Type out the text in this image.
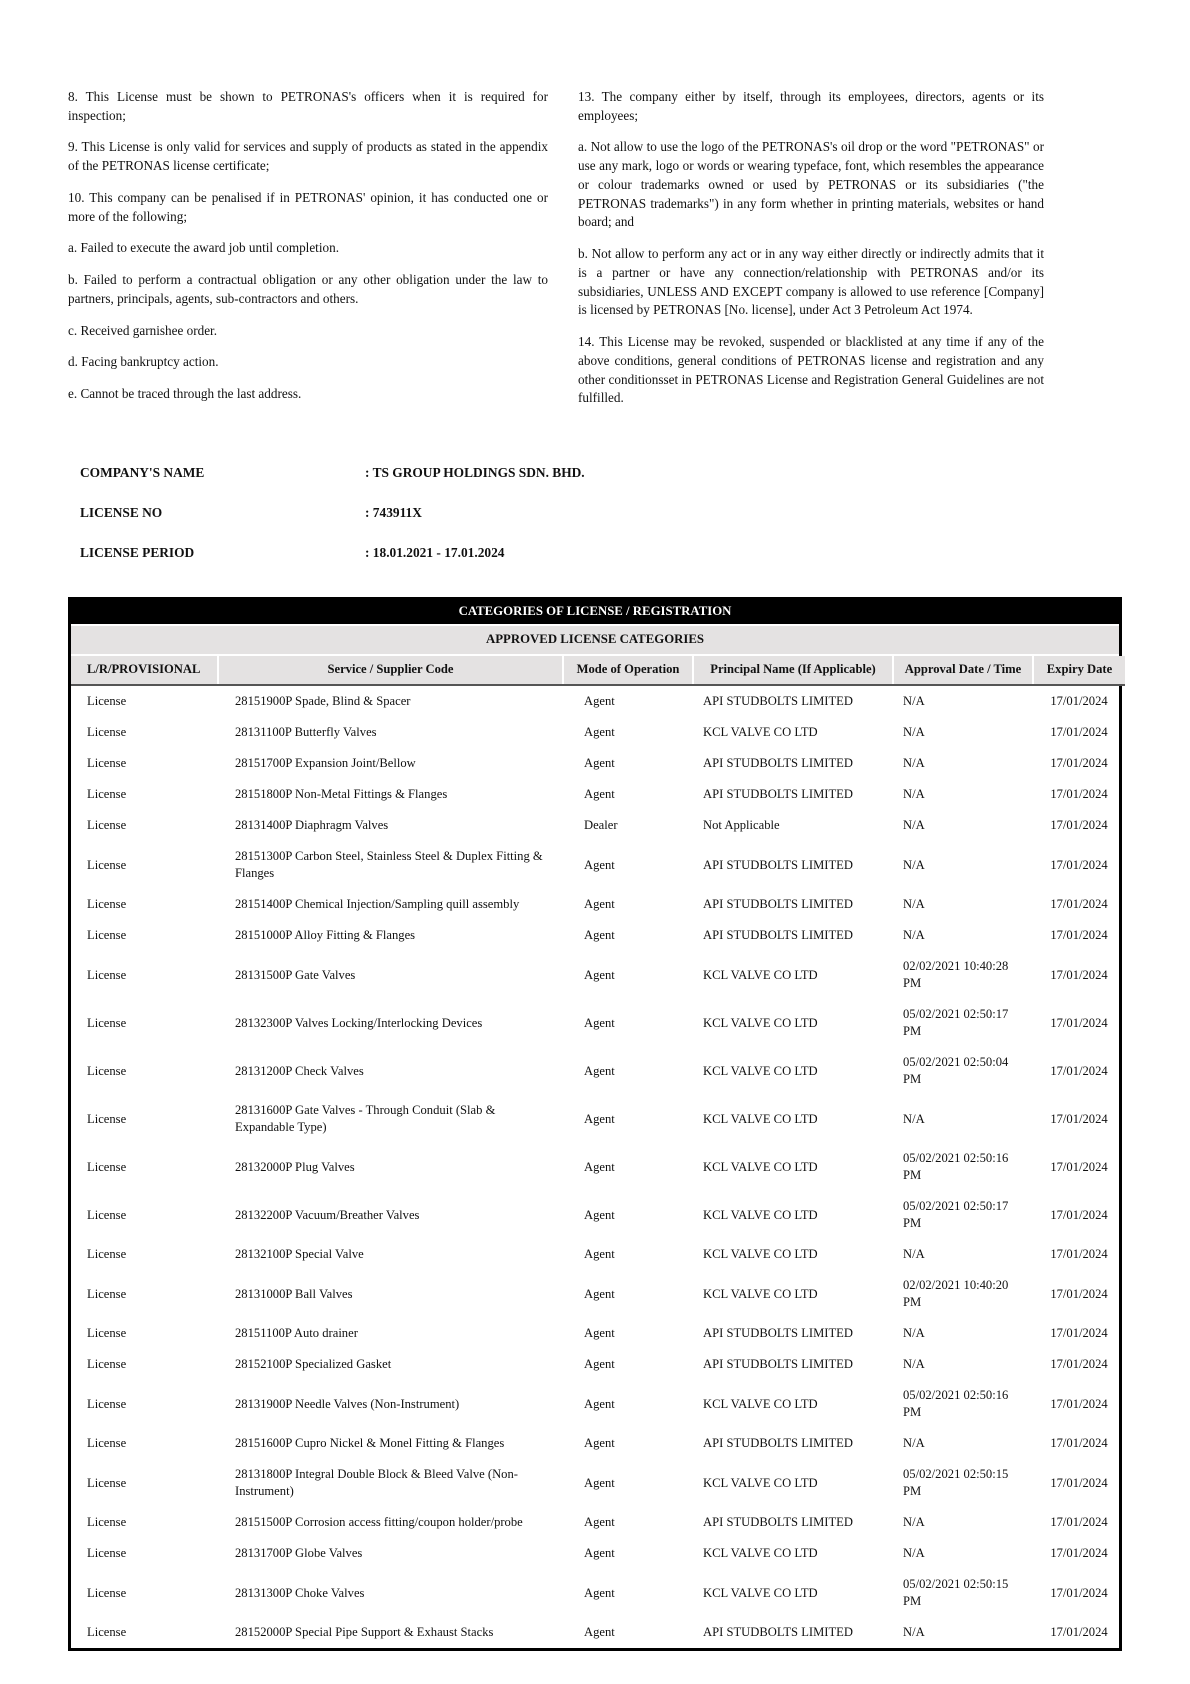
8. This License must be shown to PETRONAS's officers when it is required for inspection;

9. This License is only valid for services and supply of products as stated in the appendix of the PETRONAS license certificate;

10. This company can be penalised if in PETRONAS' opinion, it has conducted one or more of the following;

a. Failed to execute the award job until completion.

b. Failed to perform a contractual obligation or any other obligation under the law to partners, principals, agents, sub-contractors and others.

c. Received garnishee order.

d. Facing bankruptcy action.

e. Cannot be traced through the last address.

13. The company either by itself, through its employees, directors, agents or its employees;

a. Not allow to use the logo of the PETRONAS's oil drop or the word "PETRONAS" or use any mark, logo or words or wearing typeface, font, which resembles the appearance or colour trademarks owned or used by PETRONAS or its subsidiaries ("the PETRONAS trademarks") in any form whether in printing materials, websites or hand board; and

b. Not allow to perform any act or in any way either directly or indirectly admits that it is a partner or have any connection/relationship with PETRONAS and/or its subsidiaries, UNLESS AND EXCEPT company is allowed to use reference [Company] is licensed by PETRONAS [No. license], under Act 3 Petroleum Act 1974.

14. This License may be revoked, suspended or blacklisted at any time if any of the above conditions, general conditions of PETRONAS license and registration and any other conditionsset in PETRONAS License and Registration General Guidelines are not fulfilled.

COMPANY'S NAME	: TS GROUP HOLDINGS SDN. BHD.
LICENSE NO	: 743911X
LICENSE PERIOD	: 18.01.2021 - 17.01.2024
CATEGORIES OF LICENSE / REGISTRATION
APPROVED LICENSE CATEGORIES
L/R/PROVISIONAL	Service / Supplier Code	Mode of Operation	Principal Name (If Applicable)	Approval Date / Time	Expiry Date
License	28151900P Spade, Blind & Spacer	Agent	API STUDBOLTS LIMITED	N/A	17/01/2024
License	28131100P Butterfly Valves	Agent	KCL VALVE CO LTD	N/A	17/01/2024
License	28151700P Expansion Joint/Bellow	Agent	API STUDBOLTS LIMITED	N/A	17/01/2024
License	28151800P Non-Metal Fittings & Flanges	Agent	API STUDBOLTS LIMITED	N/A	17/01/2024
License	28131400P Diaphragm Valves	Dealer	Not Applicable	N/A	17/01/2024
License	28151300P Carbon Steel, Stainless Steel & Duplex Fitting & Flanges	Agent	API STUDBOLTS LIMITED	N/A	17/01/2024
License	28151400P Chemical Injection/Sampling quill assembly	Agent	API STUDBOLTS LIMITED	N/A	17/01/2024
License	28151000P Alloy Fitting & Flanges	Agent	API STUDBOLTS LIMITED	N/A	17/01/2024
License	28131500P Gate Valves	Agent	KCL VALVE CO LTD	02/02/2021 10:40:28 PM	17/01/2024
License	28132300P Valves Locking/Interlocking Devices	Agent	KCL VALVE CO LTD	05/02/2021 02:50:17 PM	17/01/2024
License	28131200P Check Valves	Agent	KCL VALVE CO LTD	05/02/2021 02:50:04 PM	17/01/2024
License	28131600P Gate Valves - Through Conduit (Slab & Expandable Type)	Agent	KCL VALVE CO LTD	N/A	17/01/2024
License	28132000P Plug Valves	Agent	KCL VALVE CO LTD	05/02/2021 02:50:16 PM	17/01/2024
License	28132200P Vacuum/Breather Valves	Agent	KCL VALVE CO LTD	05/02/2021 02:50:17 PM	17/01/2024
License	28132100P Special Valve	Agent	KCL VALVE CO LTD	N/A	17/01/2024
License	28131000P Ball Valves	Agent	KCL VALVE CO LTD	02/02/2021 10:40:20 PM	17/01/2024
License	28151100P Auto drainer	Agent	API STUDBOLTS LIMITED	N/A	17/01/2024
License	28152100P Specialized Gasket	Agent	API STUDBOLTS LIMITED	N/A	17/01/2024
License	28131900P Needle Valves (Non-Instrument)	Agent	KCL VALVE CO LTD	05/02/2021 02:50:16 PM	17/01/2024
License	28151600P Cupro Nickel & Monel Fitting & Flanges	Agent	API STUDBOLTS LIMITED	N/A	17/01/2024
License	28131800P Integral Double Block & Bleed Valve (Non-Instrument)	Agent	KCL VALVE CO LTD	05/02/2021 02:50:15 PM	17/01/2024
License	28151500P Corrosion access fitting/coupon holder/probe	Agent	API STUDBOLTS LIMITED	N/A	17/01/2024
License	28131700P Globe Valves	Agent	KCL VALVE CO LTD	N/A	17/01/2024
License	28131300P Choke Valves	Agent	KCL VALVE CO LTD	05/02/2021 02:50:15 PM	17/01/2024
License	28152000P Special Pipe Support & Exhaust Stacks	Agent	API STUDBOLTS LIMITED	N/A	17/01/2024
